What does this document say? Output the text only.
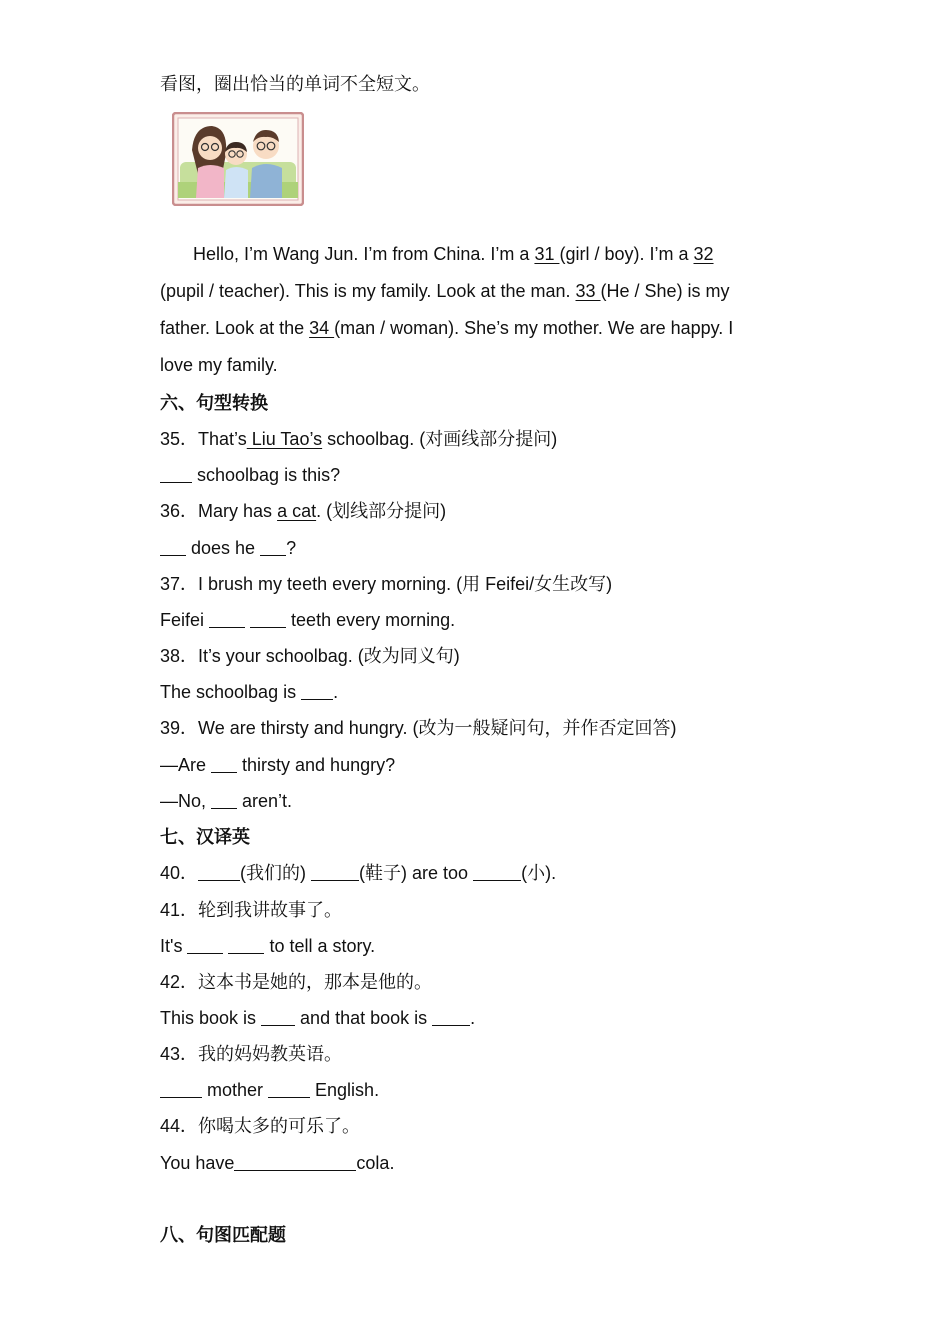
看图，圈出恰当的单词不全短文。
Hello, I’m Wang Jun. I’m from China. I’m a 31 (girl / boy). I’m a 32
(pupil / teacher). This is my family. Look at the man. 33 (He / She) is my
father. Look at the 34 (man / woman). She’s my mother. We are happy. I
love my family.
六、句型转换
35．That’s Liu Tao’s schoolbag. (对画线部分提问)
schoolbag is this?
36．Mary has a cat. (划线部分提问)
does he ?
37．I brush my teeth every morning. (用 Feifei/女生改写)
Feifei	teeth every morning.
38．It’s your schoolbag. (改为同义句)
The schoolbag is .
39．We are thirsty and hungry. (改为一般疑问句，并作否定回答)
—Are  thirsty and hungry?
—No,  aren’t.
七、汉译英
40． (我们的)	(鞋子) are too	(小).
41．轮到我讲故事了。
It's	to tell a story.
42．这本书是她的，那本是他的。
This book is  and that book is .
43．我的妈妈教英语。
mother  English.
44．你喝太多的可乐了。
You have	cola.
八、句图匹配题
